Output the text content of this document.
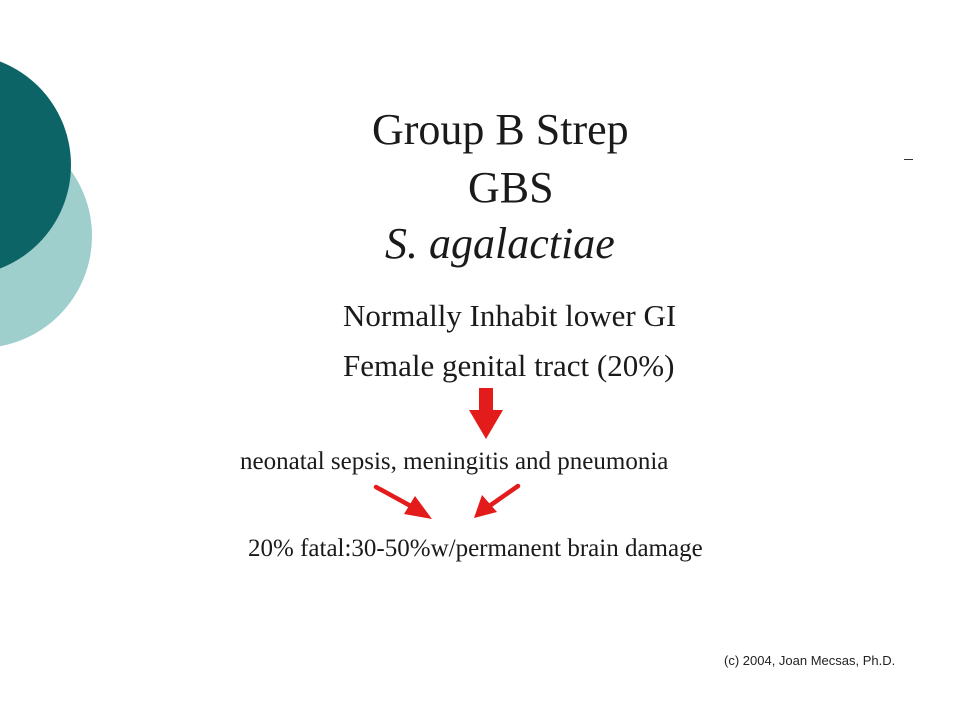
Group B Strep
GBS
S. agalactiae
Normally Inhabit lower GI
Female genital tract (20%)
neonatal sepsis, meningitis and pneumonia
20% fatal:30-50%w/permanent brain damage
(c) 2004, Joan Mecsas, Ph.D.
